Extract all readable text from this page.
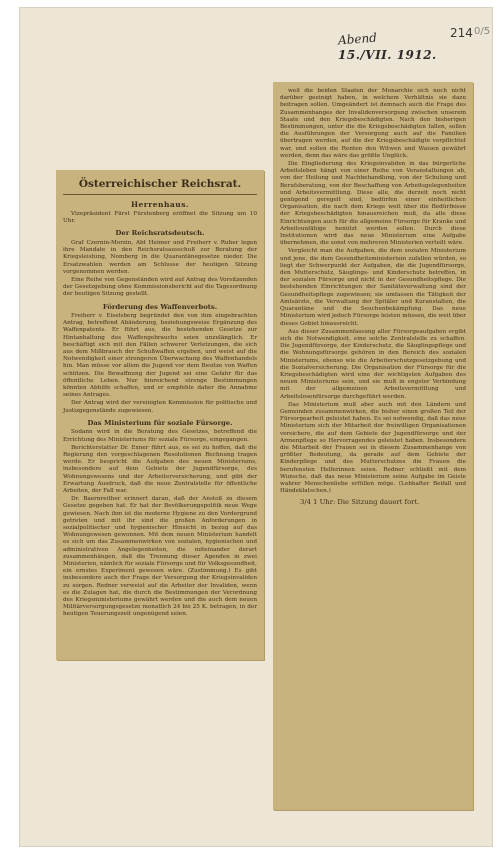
Abend
15./VII. 1912.
214 0/5
Österreichischer Reichsrat.
Herrenhaus.

Vizepräsident Fürst Fürstenberg eröffnet die Sitzung um 10 Uhr.

Der Reichsratsdeutsch.

Graf Czernin-Morzin, Abt Heimer und Freiherr v. Ruber legen ihre Mandate in den Reichsratsausschuß zur Beratung der Kriegsleistung, Nomberg in die Quarantänegesetze nieder. Die Ersatzwahlen werden am Schlusse der heutigen Sitzung vorgenommen werden.

Eine Reihe von Gegenständen wird auf Antrag des Vorsitzenden der Gesetzgebung ohne Kommissionsbericht auf die Tagesordnung der heutigen Sitzung gestellt.

Förderung des Waffenverbots.

Freiherr v. Eiselsberg begründet den von ihm eingebrachten Antrag, betreffend Abänderung, beziehungsweise Ergänzung des Waffenpatents. Er führt aus, die bestehenden Gesetze zur Hintanhaltung des Waffengebrauchs seien unzulänglich. Er beschäftigt sich mit den Fällen schwerer Verletzungen, die sich aus dem Mißbrauch der Schußwaffen ergeben, und weist auf die Notwendigkeit einer strengeren Überwachung des Waffenhandels hin. Man müsse vor allem die Jugend vor dem Besitze von Waffen schützen. Die Bewaffnung der Jugend sei eine Gefahr für das öffentliche Leben. Nur hinreichend strenge Bestimmungen könnten Abhilfe schaffen, und er empfehle daher die Annahme seines Antrages.

Der Antrag wird der vereinigten Kommission für politische und Justizgegenstände zugewiesen.

Das Ministerium für soziale Fürsorge.

Sodann wird in die Beratung des Gesetzes, betreffend die Errichtung des Ministeriums für soziale Fürsorge, eingegangen.

Berichterstatter Dr. Exner führt aus, es sei zu hoffen, daß die Regierung den vorgeschlagenen Resolutionen Rechnung tragen werde. Er bespricht die Aufgaben des neuen Ministeriums, insbesondere auf dem Gebiete der Jugendfürsorge, des Wohnungswesens und der Arbeiterversicherung, und gibt der Erwartung Ausdruck, daß die neue Zentralstelle für öffentliche Arbeiten, der Fall war.

Dr. Baernreither erinnert daran, daß der Anstoß zu diesem Gesetze gegeben hat. Er hat der Bevölkerungspolitik neue Wege gewiesen. Nach ihm ist die moderne Hygiene zu den Vordergrund getreten und mit ihr sind die großen Anforderungen in sozialpolitischer und hygienischer Hinsicht in bezug auf das Wohnungswesen gewonnen. Mit dem neuen Ministerium handelt es sich um das Zusammenwirken von sozialen, hygienischen und administrativen Angelegenheiten, die miteinander derart zusammenhängen, daß die Trennung dieser Agenden in zwei Ministerien, nämlich für soziale Fürsorge und für Volksgesundheit, ein ernstes Experiment gewesen wäre. (Zustimmung.) Es gibt insbesondere auch der Frage der Versorgung der Kriegsinvaliden zu sorgen. Redner verweist auf die Arbeiter der Invaliden, wenn es die Zulagen hat, die durch die Bestimmungen der Verordnung des Kriegsministeriums gewährt werden und die auch dem neuen Militärversorgungsgesetze monatlich 24 bis 25 K. betragen, in der heutigen Teuerungszeit ungenügend seien.

weil die beiden Staaten der Monarchie sich noch nicht darüber geeinigt haben, in welchem Verhältnis sie dazu beitragen sollen. Umgeändert ist demnach auch die Frage des Zusammenhanges der Invalidenversorgung zwischen unserem Staate und den Kriegsbeschädigten. Nach den bisherigen Bestimmungen, unter die die Kriegsbeschädigten fallen, sollen die Ausführungen der Versorgung auch auf die Familien übertragen werden, auf die der Kriegsbeschädigte verpflichtet war, und sollen die Renten den Witwen und Waisen gewährt werden, denn das wäre das größte Unglück.

Die Eingliederung des Kriegsinvaliden in das bürgerliche Arbeitsleben hängt von einer Reihe von Veranstaltungen ab, von der Heilung und Nachbehandlung, von der Schulung und Berufsberatung, von der Beschaffung von Arbeitsgelegenheiten und Arbeitsvermittlung. Diese alle, die derzeit noch nicht genügend geregelt sind, bedürfen einer einheitlichen Organisation, die nach dem Kriege weit über die Bedürfnisse der Kriegsbeschädigten hinausreichen muß, da alle diese Einrichtungen auch für die allgemeine Fürsorge für Kranke und Arbeitsunfähige benützt werden sollen. Durch diese Institutionen wird das neue Ministerium eine Aufgabe übernehmen, die sonst von mehreren Ministerien verteilt wäre.

Vergleicht man die Aufgaben, die dem sozialen Ministerium und jene, die dem Gesundheitsministerium zufallen würden, so liegt der Schwerpunkt der Aufgaben, die die Jugendfürsorge, den Mutterschutz, Säuglings- und Kinderschutz betreffen, in der sozialen Fürsorge und nicht in der Gesundheitspflege. Die bestehenden Einrichtungen der Sanitätsverwaltung sind der Gesundheitspflege zugewiesen; sie umfassen die Tätigkeit der Amtsärzte, die Verwaltung der Spitäler und Kuranstalten, die Quarantäne und die Seuchenbekämpfung. Das neue Ministerium wird jedoch Fürsorge leisten müssen, die weit über dieses Gebiet hinausreicht.

Aus dieser Zusammenfassung aller Fürsorgeaufgaben ergibt sich die Notwendigkeit, eine solche Zentralstelle zu schaffen. Die Jugendfürsorge, der Kinderschutz, die Säuglingspflege und die Wohnungsfürsorge gehören in den Bereich des sozialen Ministeriums, ebenso wie die Arbeiterschutzgesetzgebung und die Sozialversicherung. Die Organisation der Fürsorge für die Kriegsbeschädigten wird eine der wichtigsten Aufgaben des neuen Ministeriums sein, und sie muß in engster Verbindung mit der allgemeinen Arbeitsvermittlung und Arbeitslosenfürsorge durchgeführt werden.

Das Ministerium muß aber auch mit den Ländern und Gemeinden zusammenwirken, die bisher einen großen Teil der Fürsorgearbeit geleistet haben. Es sei notwendig, daß das neue Ministerium sich der Mitarbeit der freiwilligen Organisationen versichere, die auf dem Gebiete der Jugendfürsorge und der Armenpflege so Hervorragendes geleistet haben. Insbesondere die Mitarbeit der Frauen sei in diesem Zusammenhange von größter Bedeutung, da gerade auf dem Gebiete der Kinderpflege und des Mutterschutzes die Frauen die berufensten Helferinnen seien. Redner schließt mit dem Wunsche, daß das neue Ministerium seine Aufgabe im Geiste wahrer Menschenliebe erfüllen möge. (Lebhafter Beifall und Händeklatschen.)

3/4 1 Uhr: Die Sitzung dauert fort.
